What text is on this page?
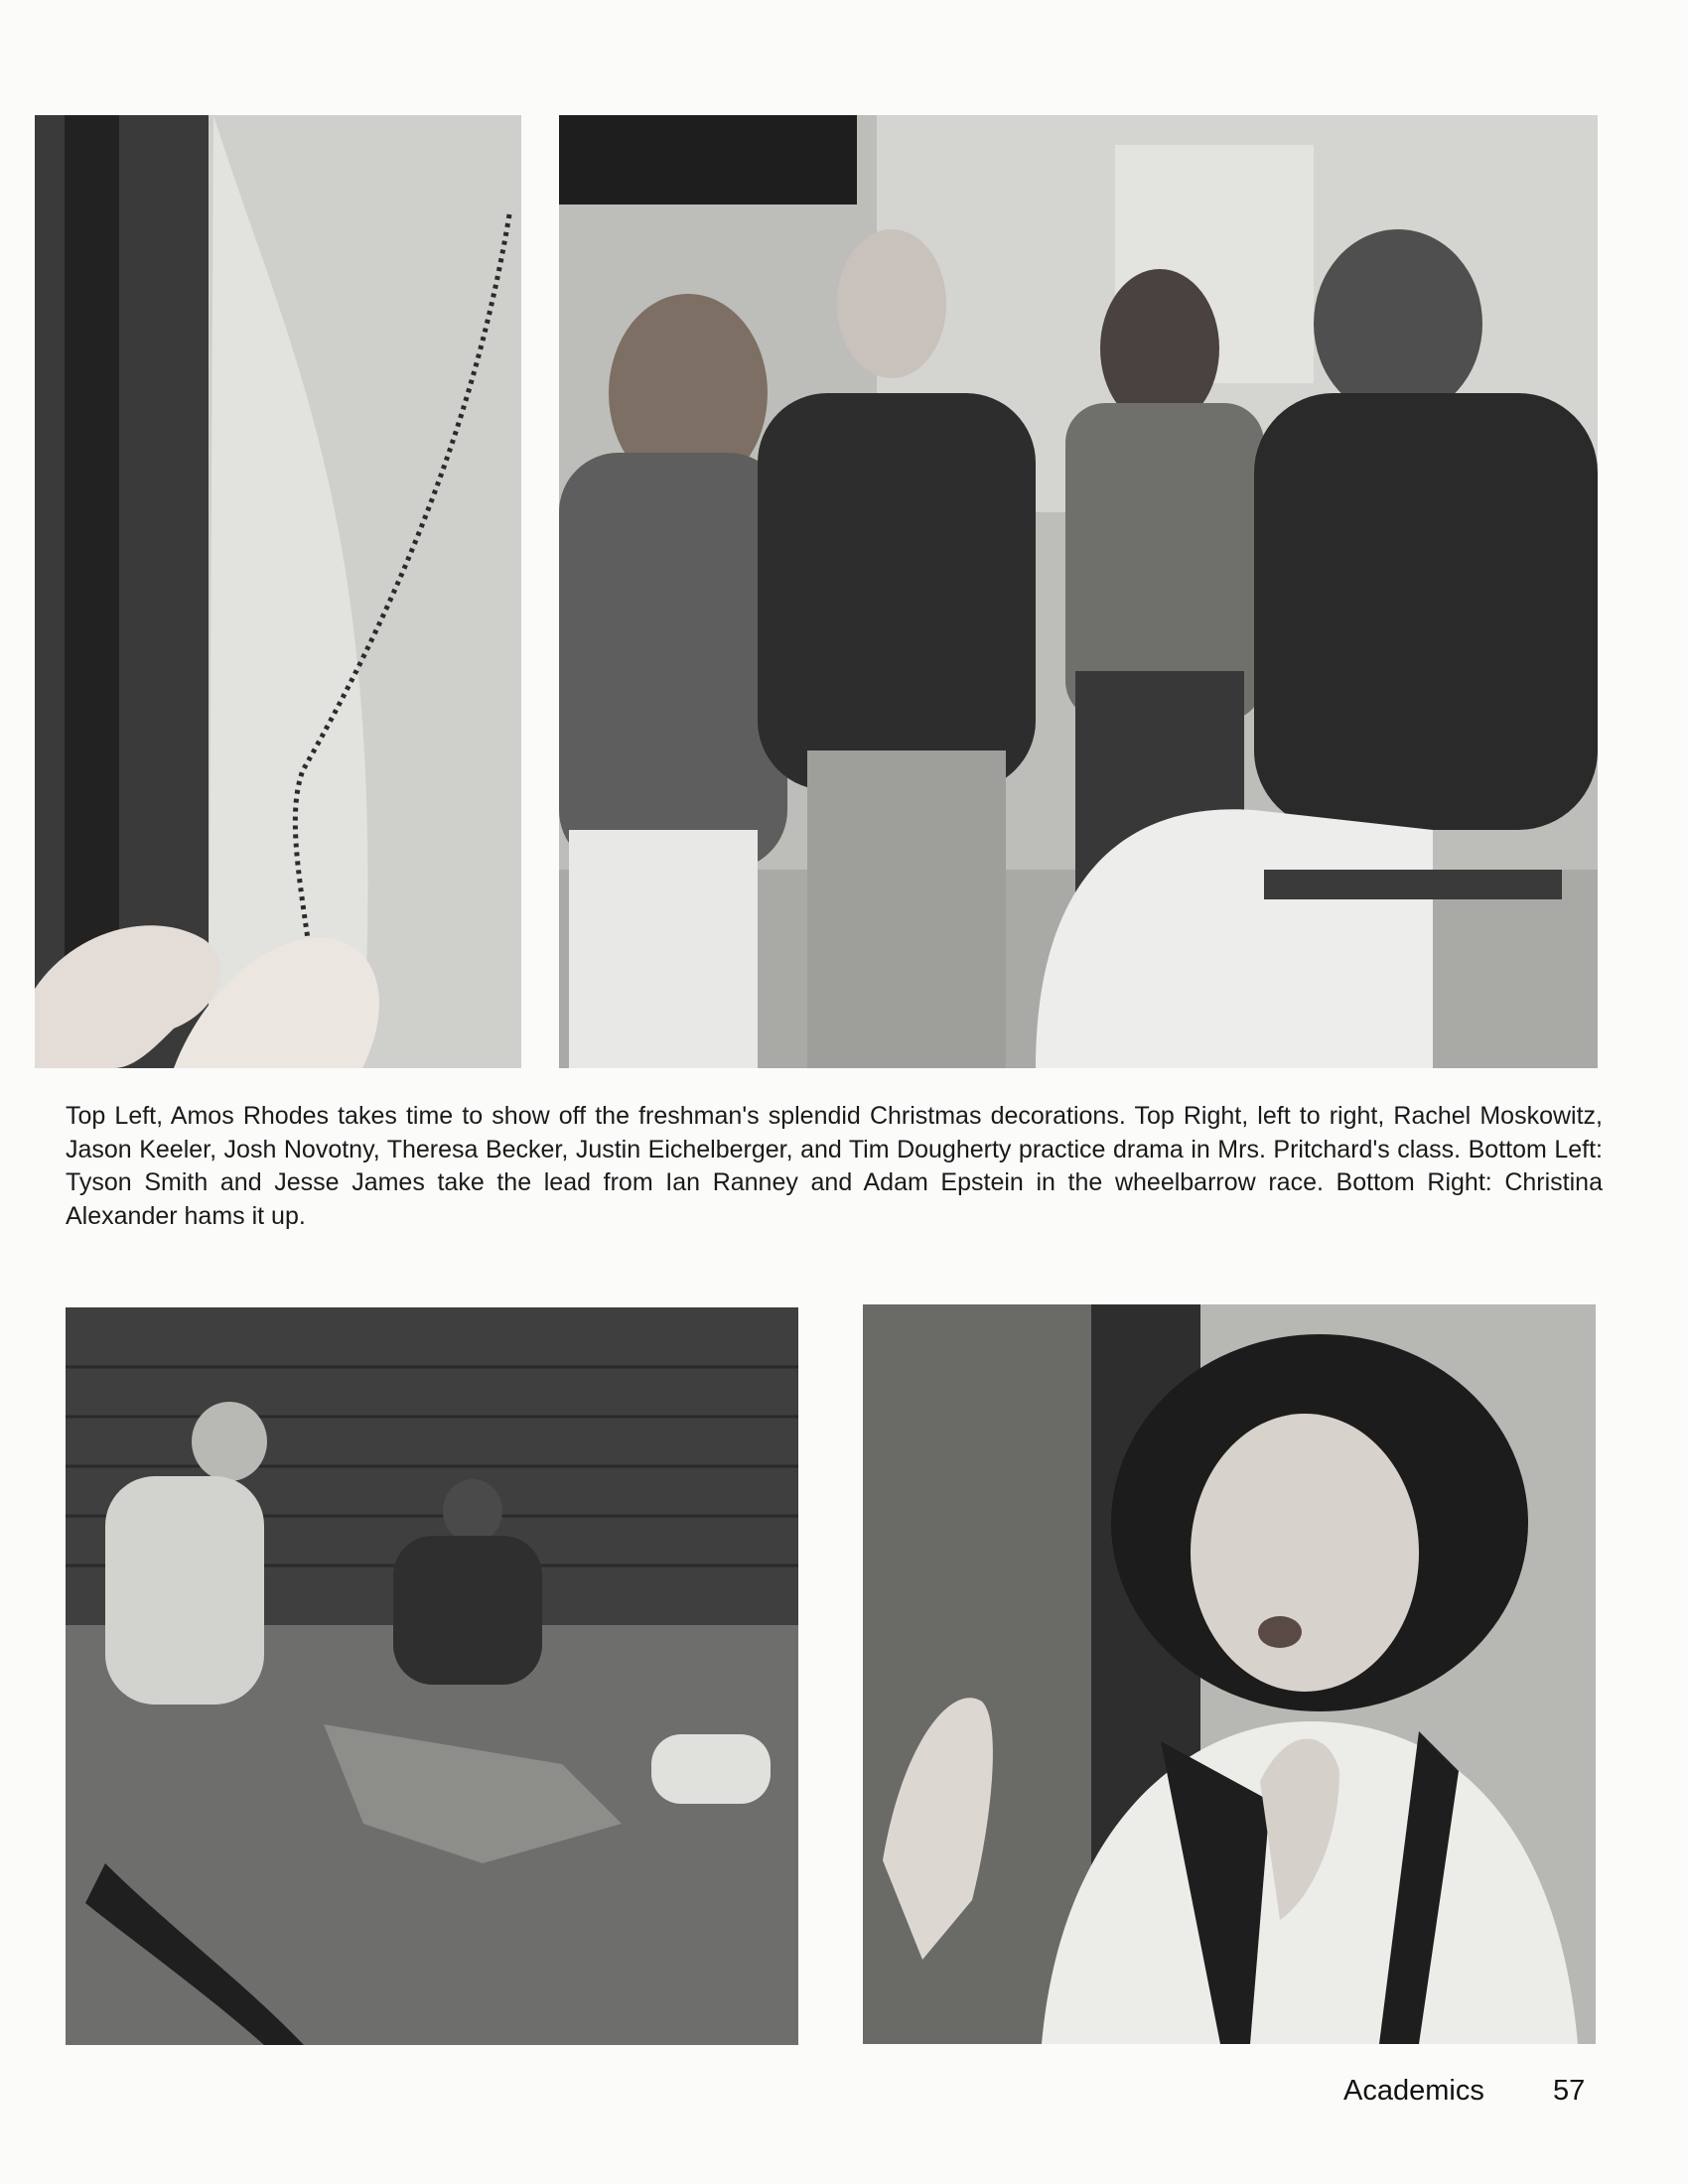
Top Left, Amos Rhodes takes time to show off the freshman's splendid Christmas decorations. Top Right, left to right, Rachel Moskowitz, Jason Keeler, Josh Novotny, Theresa Becker, Justin Eichelberger, and Tim Dougherty practice drama in Mrs. Pritchard's class. Bottom Left: Tyson Smith and Jesse James take the lead from Ian Ranney and Adam Epstein in the wheelbarrow race. Bottom Right: Christina Alexander hams it up.

Academics 57
